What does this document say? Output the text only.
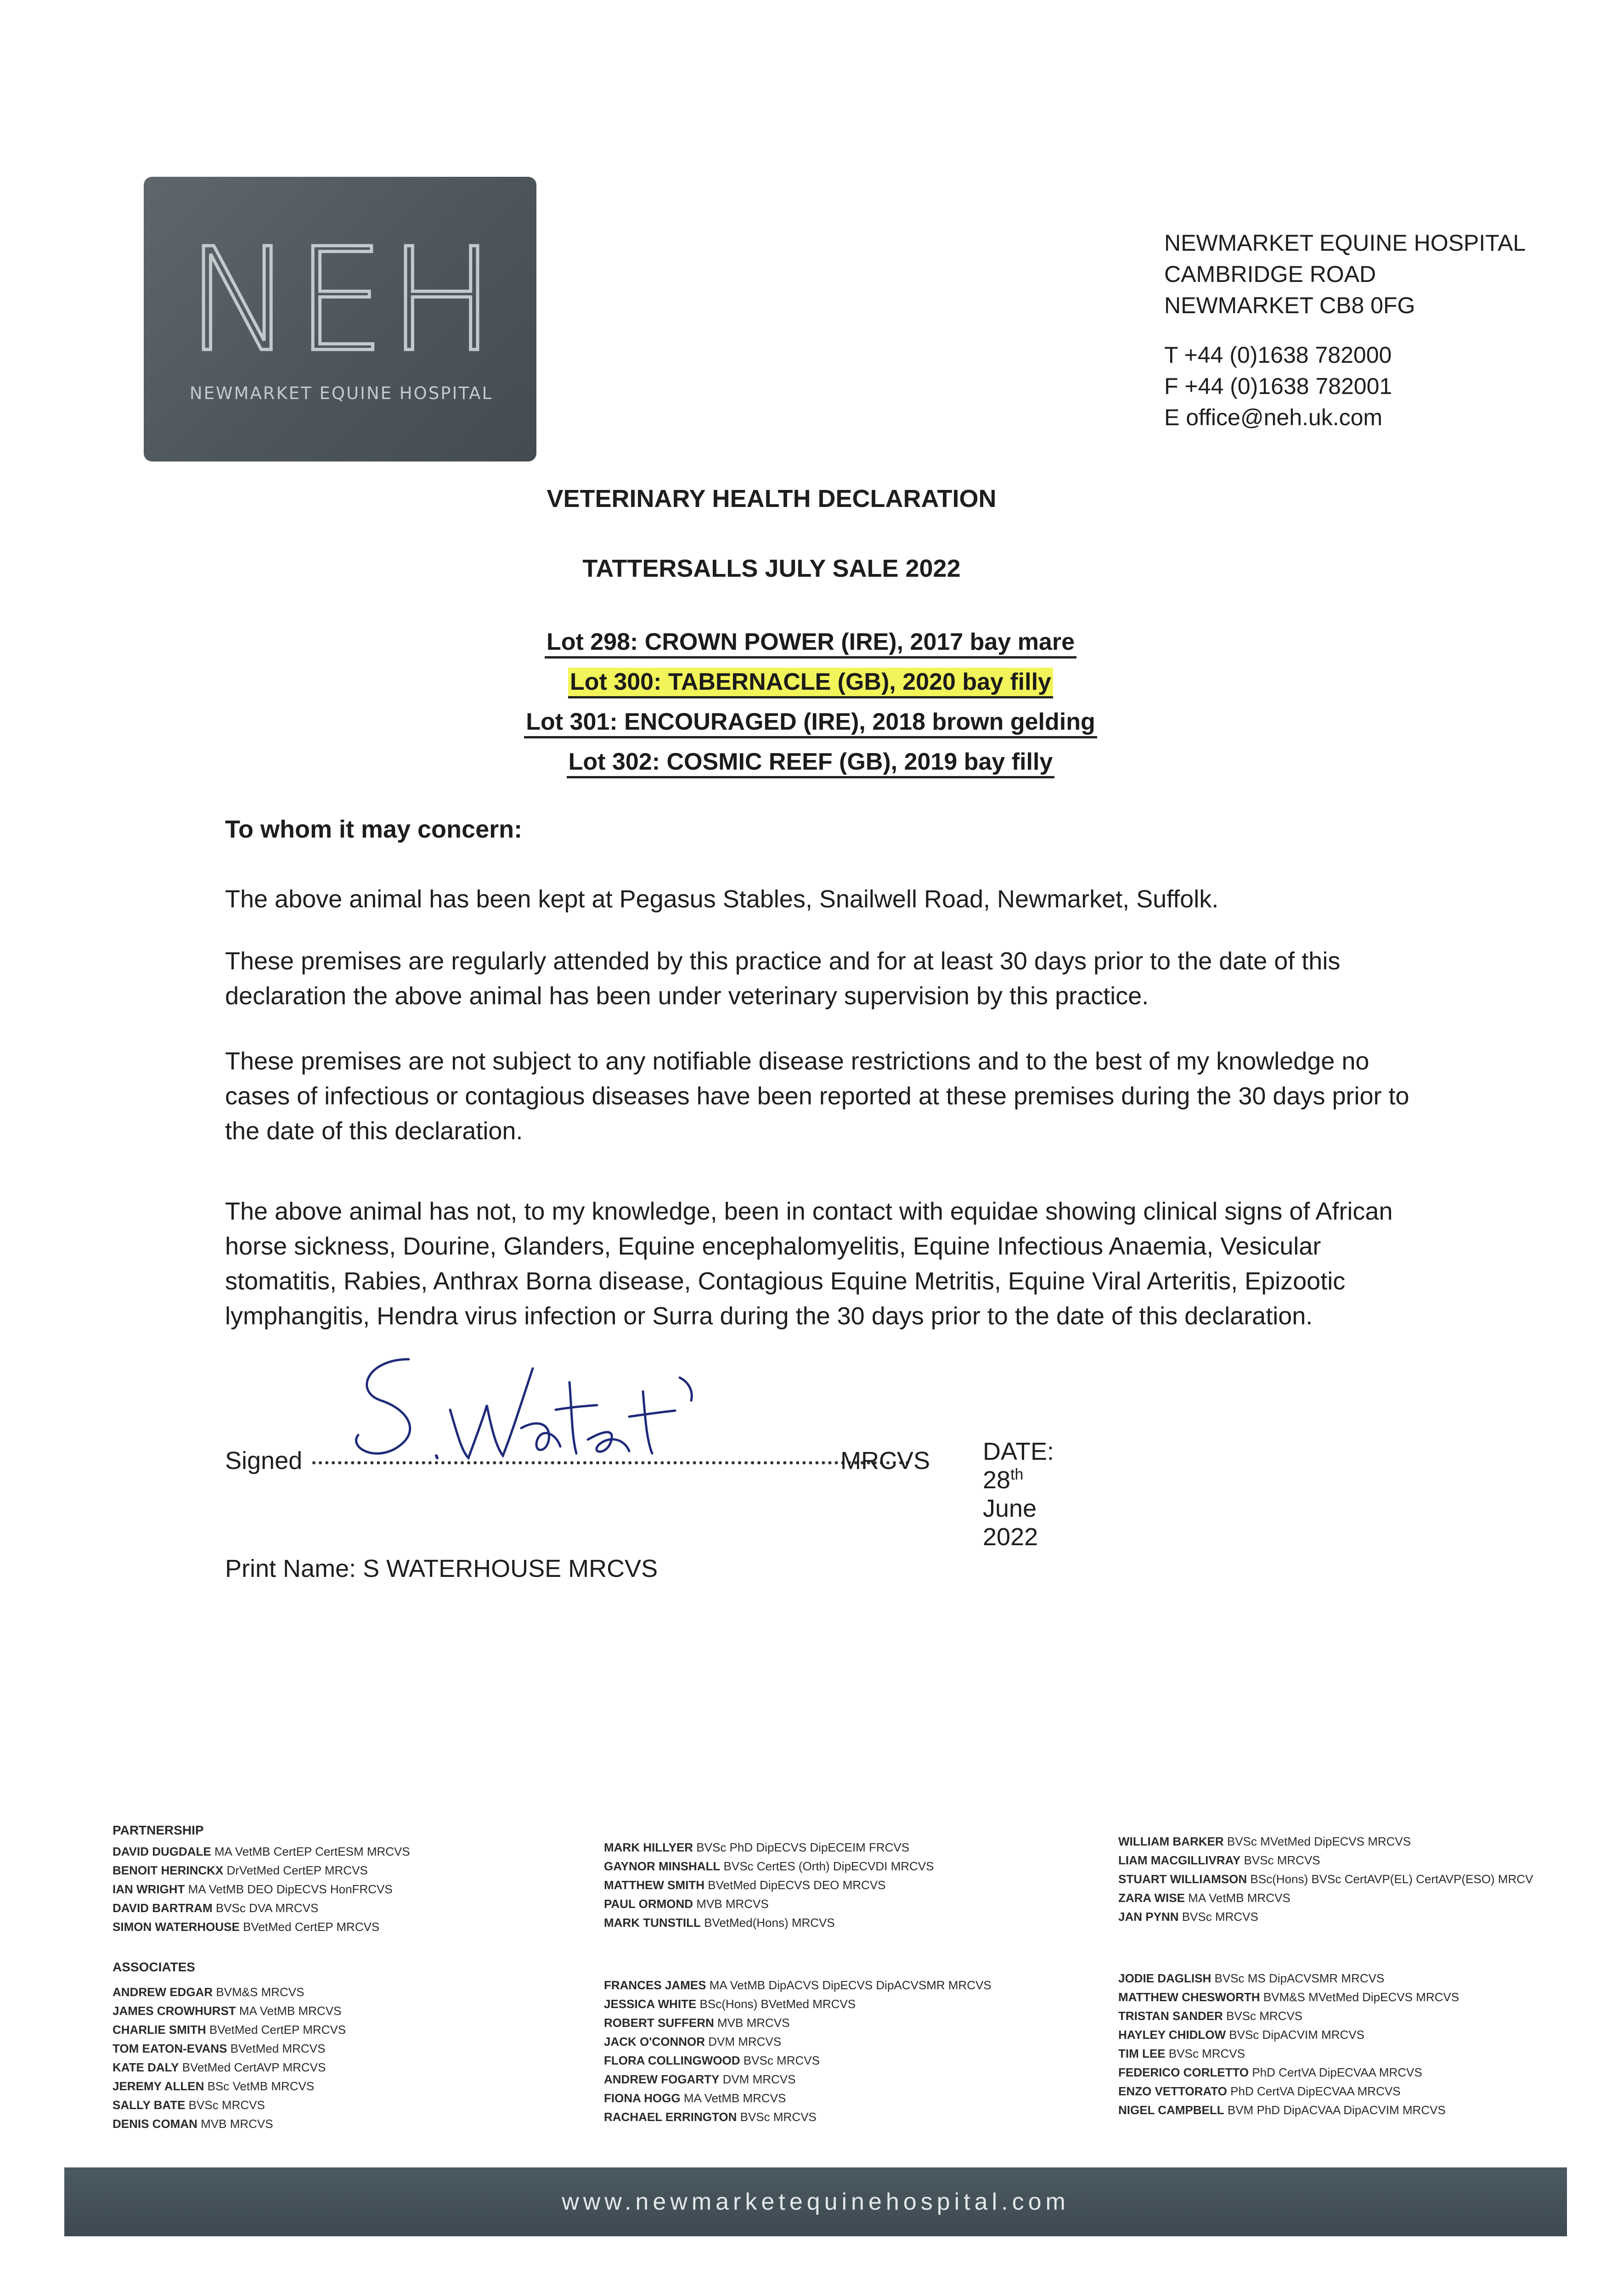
NEH
NEWMARKET EQUINE HOSPITAL
NEWMARKET EQUINE HOSPITAL
CAMBRIDGE ROAD
NEWMARKET CB8 0FG
T +44 (0)1638 782000
F +44 (0)1638 782001
E office@neh.uk.com
VETERINARY HEALTH DECLARATION
TATTERSALLS JULY SALE 2022
Lot 298: CROWN POWER (IRE), 2017 bay mare
Lot 300: TABERNACLE (GB), 2020 bay filly
Lot 301: ENCOURAGED (IRE), 2018 brown gelding
Lot 302: COSMIC REEF (GB), 2019 bay filly
To whom it may concern:
The above animal has been kept at Pegasus Stables, Snailwell Road, Newmarket, Suffolk.
These premises are regularly attended by this practice and for at least 30 days prior to the date of this declaration the above animal has been under veterinary supervision by this practice.
These premises are not subject to any notifiable disease restrictions and to the best of my knowledge no cases of infectious or contagious diseases have been reported at these premises during the 30 days prior to the date of this declaration.
The above animal has not, to my knowledge, been in contact with equidae showing clinical signs of African horse sickness, Dourine, Glanders, Equine encephalomyelitis, Equine Infectious Anaemia, Vesicular stomatitis, Rabies, Anthrax Borna disease, Contagious Equine Metritis, Equine Viral Arteritis, Epizootic lymphangitis, Hendra virus infection or Surra during the 30 days prior to the date of this declaration.
Signed	MRCVS DATE: 28th June 2022
Print Name: S WATERHOUSE MRCVS
PARTNERSHIP
DAVID DUGDALE MA VetMB CertEP CertESM MRCVS
BENOIT HERINCKX DrVetMed CertEP MRCVS
IAN WRIGHT MA VetMB DEO DipECVS HonFRCVS
DAVID BARTRAM BVSc DVA MRCVS
SIMON WATERHOUSE BVetMed CertEP MRCVS
MARK HILLYER BVSc PhD DipECVS DipECEIM FRCVS
GAYNOR MINSHALL BVSc CertES (Orth) DipECVDI MRCVS
MATTHEW SMITH BVetMed DipECVS DEO MRCVS
PAUL ORMOND MVB MRCVS
MARK TUNSTILL BVetMed(Hons) MRCVS
WILLIAM BARKER BVSc MVetMed DipECVS MRCVS
LIAM MACGILLIVRAY BVSc MRCVS
STUART WILLIAMSON BSc(Hons) BVSc CertAVP(EL) CertAVP(ESO) MRCV
ZARA WISE MA VetMB MRCVS
JAN PYNN BVSc MRCVS
ASSOCIATES
ANDREW EDGAR BVM&S MRCVS
JAMES CROWHURST MA VetMB MRCVS
CHARLIE SMITH BVetMed CertEP MRCVS
TOM EATON-EVANS BVetMed MRCVS
KATE DALY BVetMed CertAVP MRCVS
JEREMY ALLEN BSc VetMB MRCVS
SALLY BATE BVSc MRCVS
DENIS COMAN MVB MRCVS
FRANCES JAMES MA VetMB DipACVS DipECVS DipACVSMR MRCVS
JESSICA WHITE BSc(Hons) BVetMed MRCVS
ROBERT SUFFERN MVB MRCVS
JACK O'CONNOR DVM MRCVS
FLORA COLLINGWOOD BVSc MRCVS
ANDREW FOGARTY DVM MRCVS
FIONA HOGG MA VetMB MRCVS
RACHAEL ERRINGTON BVSc MRCVS
JODIE DAGLISH BVSc MS DipACVSMR MRCVS
MATTHEW CHESWORTH BVM&S MVetMed DipECVS MRCVS
TRISTAN SANDER BVSc MRCVS
HAYLEY CHIDLOW BVSc DipACVIM MRCVS
TIM LEE BVSc MRCVS
FEDERICO CORLETTO PhD CertVA DipECVAA MRCVS
ENZO VETTORATO PhD CertVA DipECVAA MRCVS
NIGEL CAMPBELL BVM PhD DipACVAA DipACVIM MRCVS
www.newmarketequinehospital.com
